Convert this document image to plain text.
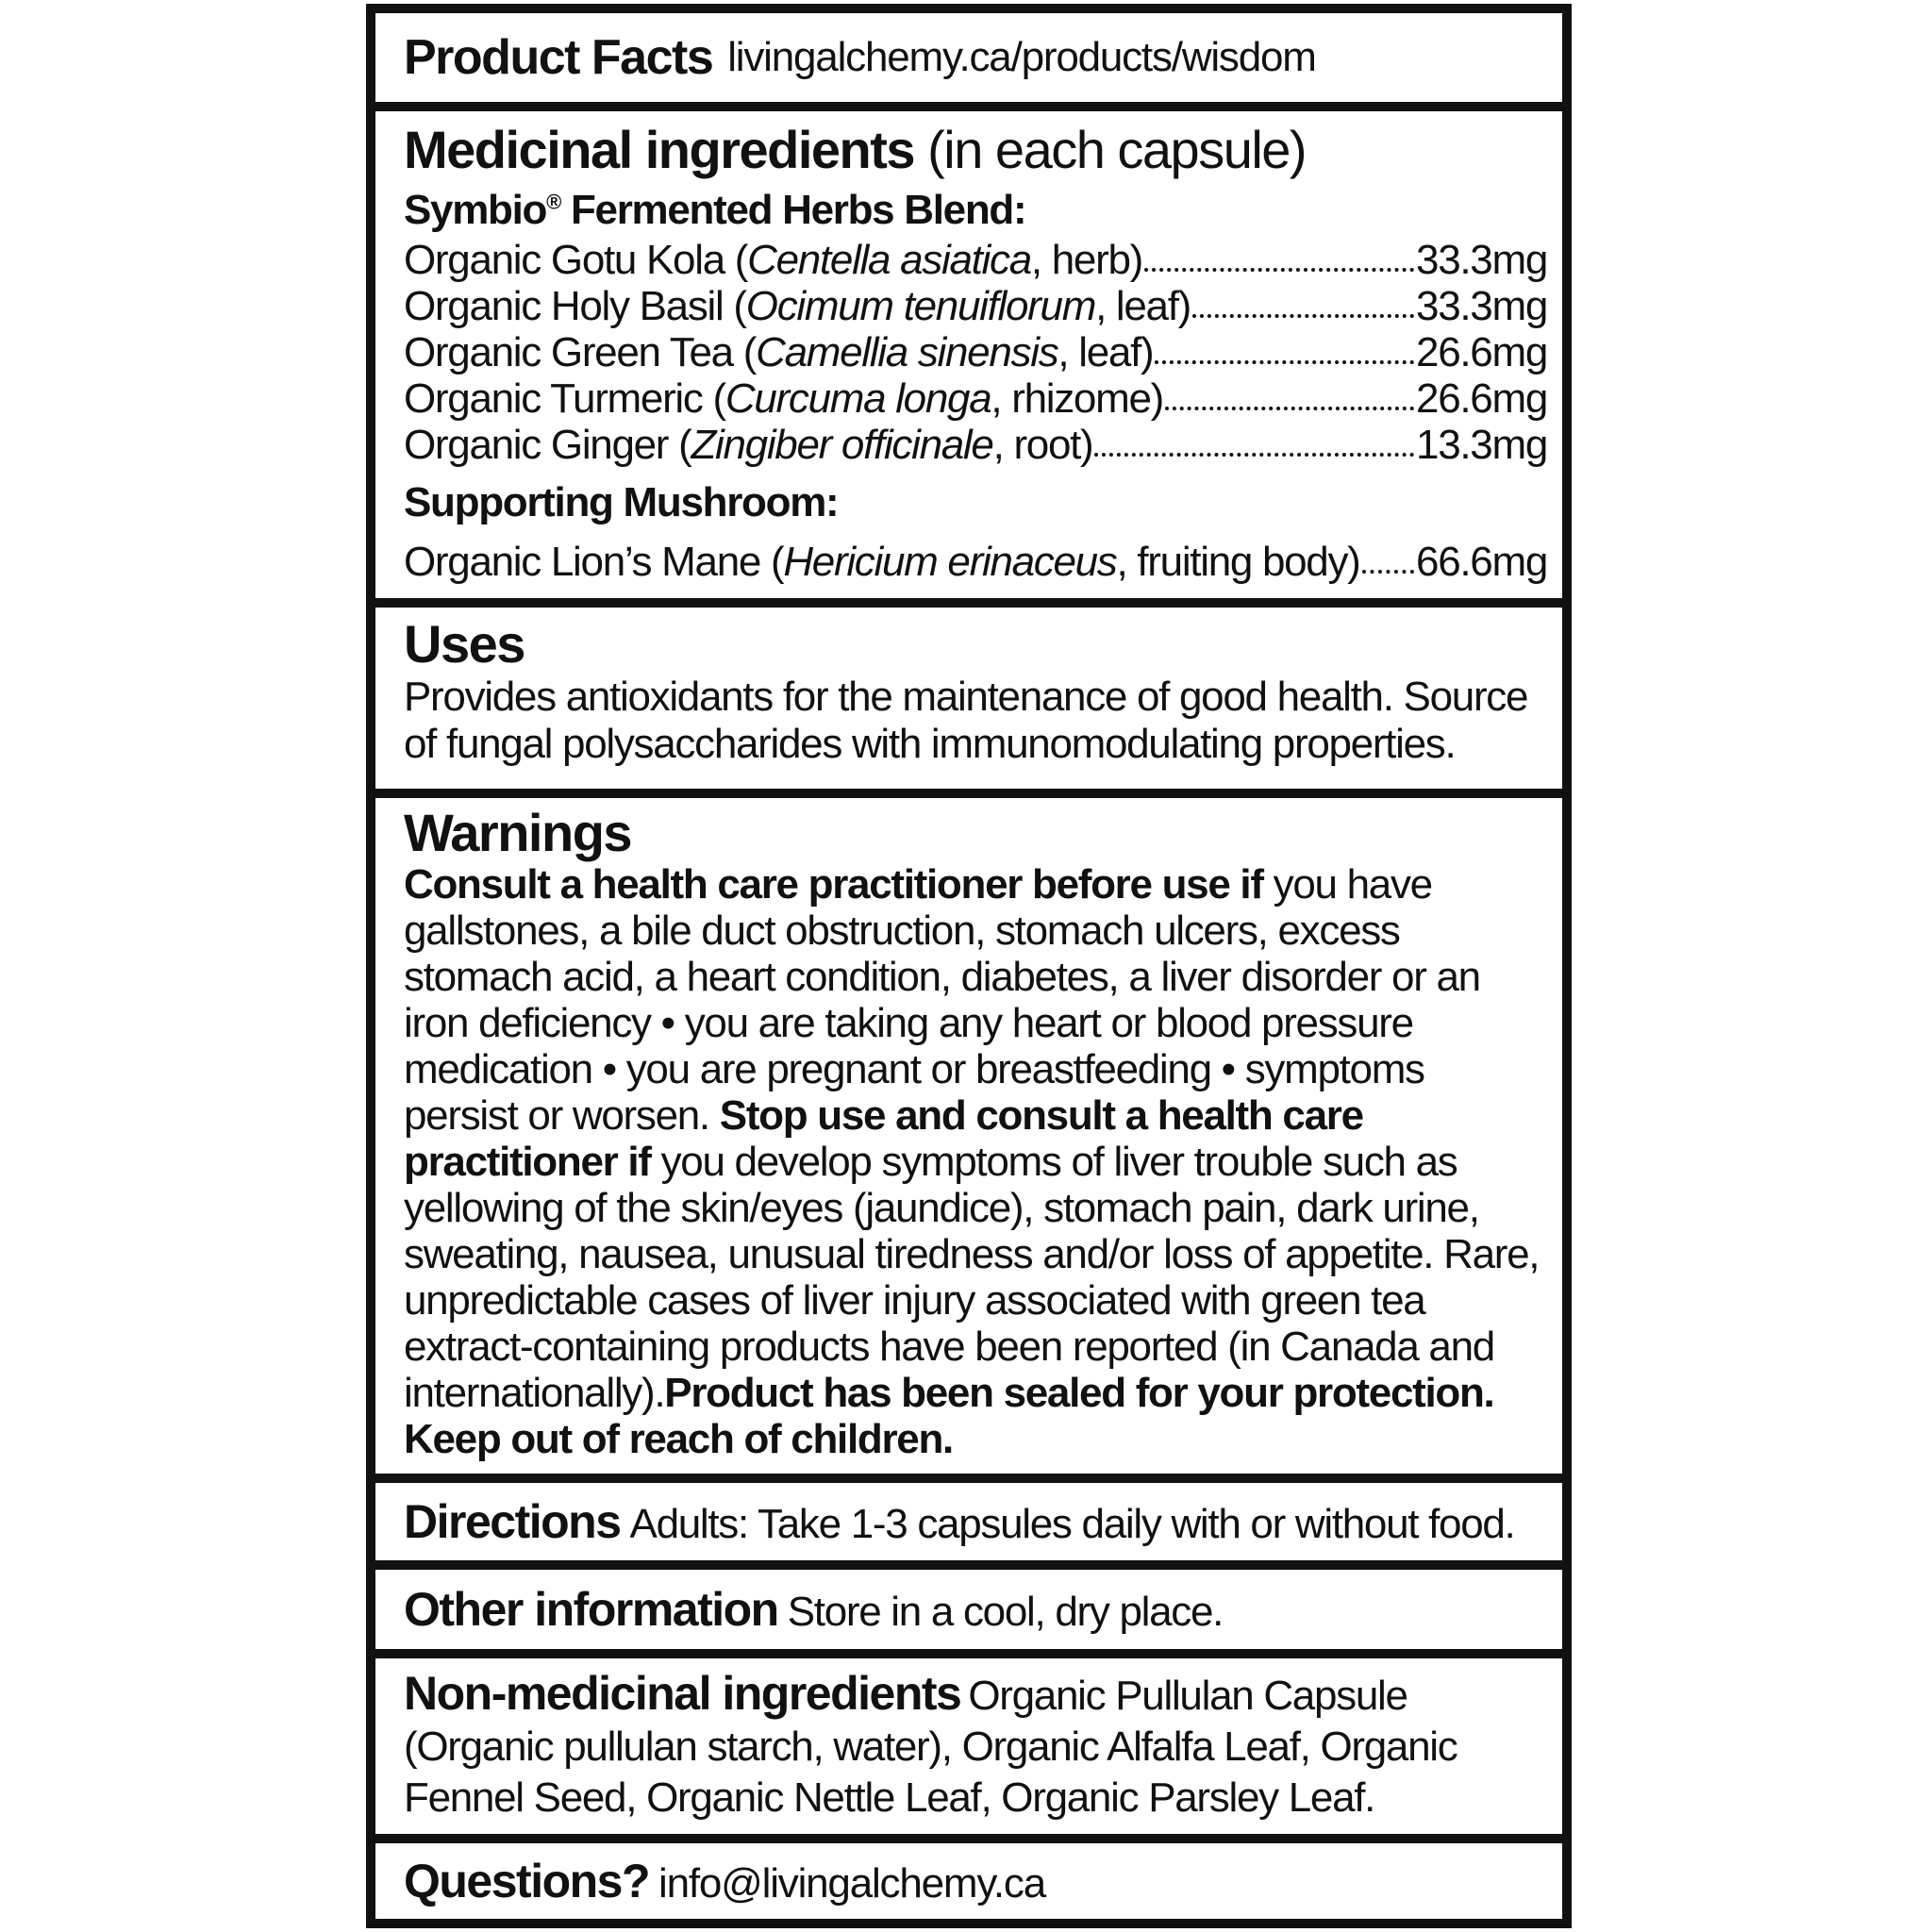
Product Facts livingalchemy.ca/products/wisdom
Medicinal ingredients (in each capsule)
Symbio® Fermented Herbs Blend:
Organic Gotu Kola (Centella asiatica, herb)	33.3mg
Organic Holy Basil (Ocimum tenuiflorum, leaf)	33.3mg
Organic Green Tea (Camellia sinensis, leaf)	26.6mg
Organic Turmeric (Curcuma longa, rhizome)	26.6mg
Organic Ginger (Zingiber officinale, root)	13.3mg
Supporting Mushroom:
Organic Lion’s Mane (Hericium erinaceus, fruiting body) 66.6mg
Uses

Provides antioxidants for the maintenance of good health. Source of fungal polysaccharides with immunomodulating properties.

Warnings

Consult a health care practitioner before use if you have gallstones, a bile duct obstruction, stomach ulcers, excess stomach acid, a heart condition, diabetes, a liver disorder or an iron deficiency • you are taking any heart or blood pressure medication • you are pregnant or breastfeeding • symptoms persist or worsen. Stop use and consult a health care practitioner if you develop symptoms of liver trouble such as yellowing of the skin/eyes (jaundice), stomach pain, dark urine, sweating, nausea, unusual tiredness and/or loss of appetite. Rare, unpredictable cases of liver injury associated with green tea extract-containing products have been reported (in Canada and internationally).Product has been sealed for your protection. Keep out of reach of children.

Directions Adults: Take 1-3 capsules daily with or without food.
Other information Store in a cool, dry place.

Non-medicinal ingredients Organic Pullulan Capsule (Organic pullulan starch, water), Organic Alfalfa Leaf, Organic Fennel Seed, Organic Nettle Leaf, Organic Parsley Leaf.

Questions? info@livingalchemy.ca
